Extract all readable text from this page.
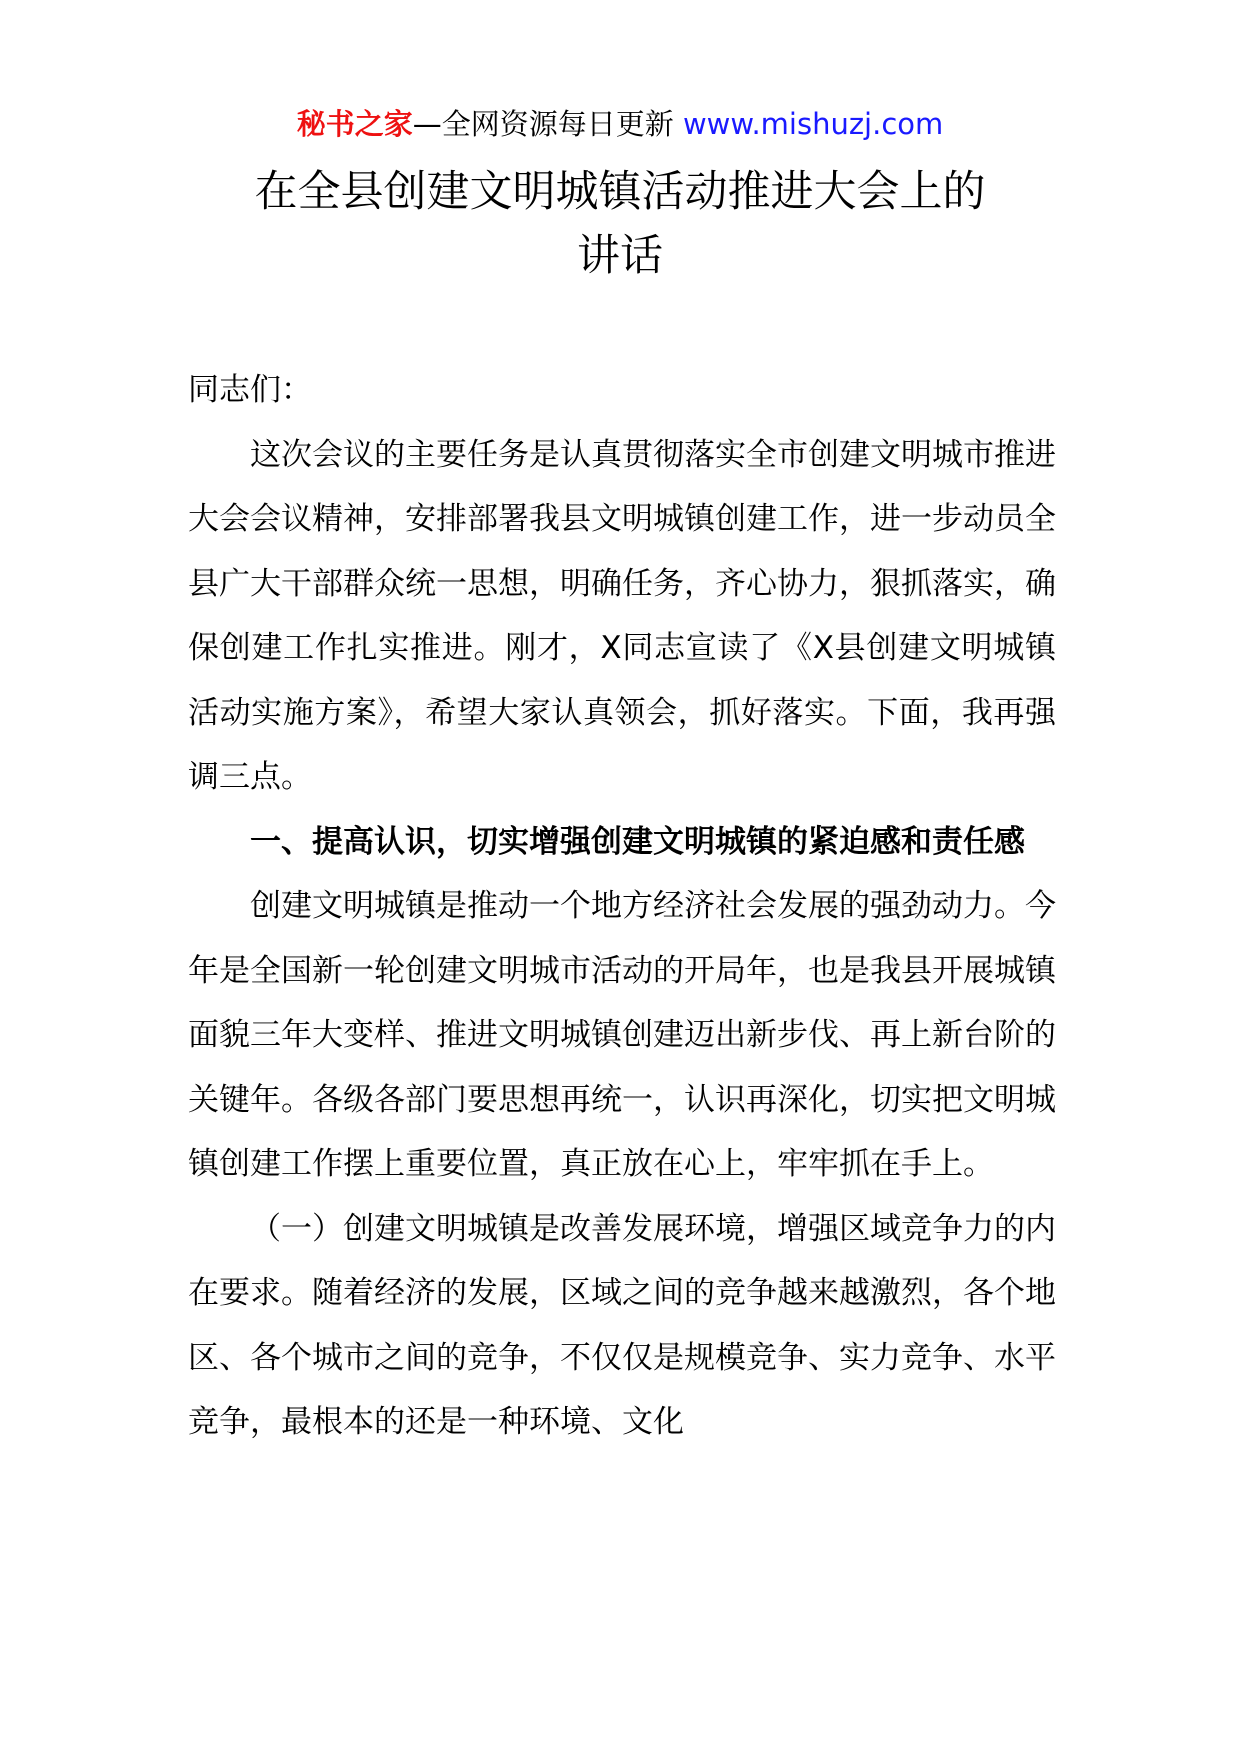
秘书之家—全网资源每日更新 www.mishuzj.com
在全县创建文明城镇活动推进大会上的
讲话

同志们：

这次会议的主要任务是认真贯彻落实全市创建文明城市推进大会会议精神，安排部署我县文明城镇创建工作，进一步动员全县广大干部群众统一思想，明确任务，齐心协力，狠抓落实，确保创建工作扎实推进。刚才，X同志宣读了《X县创建文明城镇活动实施方案》，希望大家认真领会，抓好落实。下面，我再强调三点。

一、提高认识，切实增强创建文明城镇的紧迫感和责任感

创建文明城镇是推动一个地方经济社会发展的强劲动力。今年是全国新一轮创建文明城市活动的开局年，也是我县开展城镇面貌三年大变样、推进文明城镇创建迈出新步伐、再上新台阶的关键年。各级各部门要思想再统一，认识再深化，切实把文明城镇创建工作摆上重要位置，真正放在心上，牢牢抓在手上。

（一）创建文明城镇是改善发展环境，增强区域竞争力的内在要求。随着经济的发展，区域之间的竞争越来越激烈，各个地区、各个城市之间的竞争，不仅仅是规模竞争、实力竞争、水平竞争，最根本的还是一种环境、文化
